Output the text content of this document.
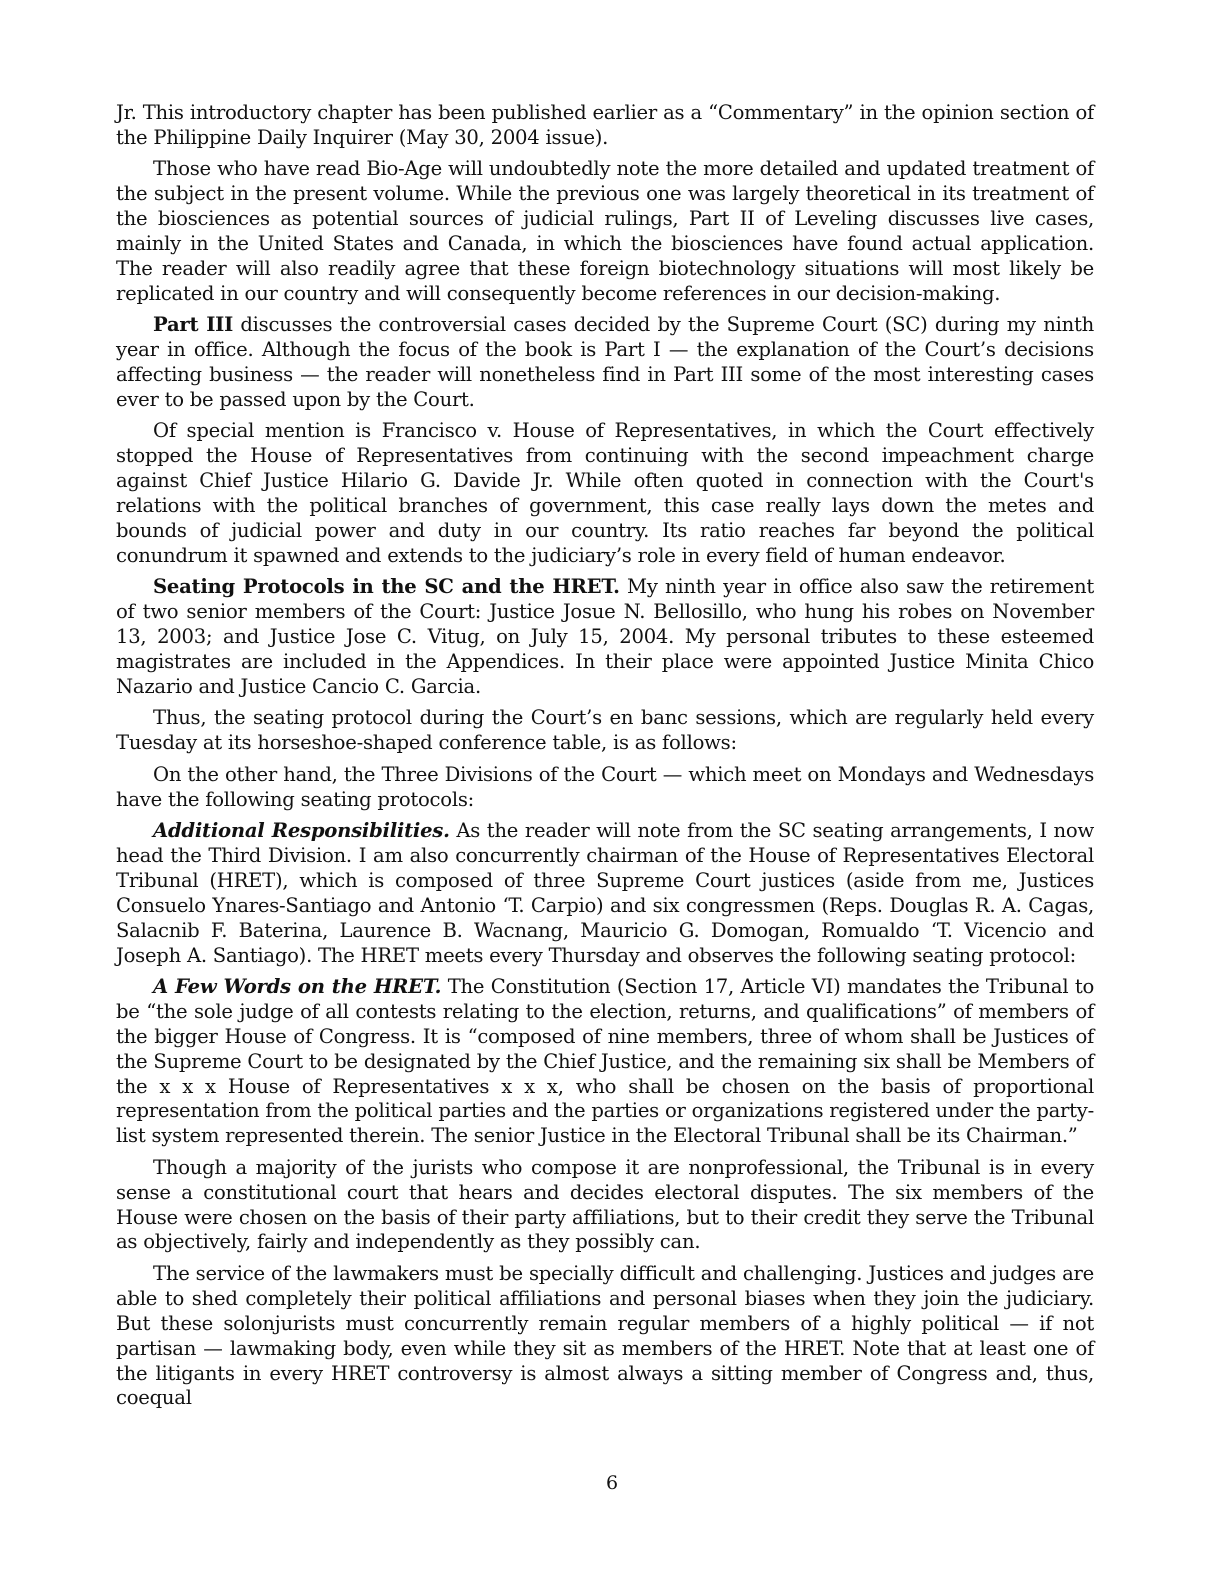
Jr. This introductory chapter has been published earlier as a “Commentary” in the opinion section of the Philippine Daily Inquirer (May 30, 2004 issue).

Those who have read Bio-Age will undoubtedly note the more detailed and updated treatment of the subject in the present volume. While the previous one was largely theoretical in its treatment of the biosciences as potential sources of judicial rulings, Part II of Leveling discusses live cases, mainly in the United States and Canada, in which the biosciences have found actual application. The reader will also readily agree that these foreign biotechnology situations will most likely be replicated in our country and will consequently become references in our decision-making.

Part III discusses the controversial cases decided by the Supreme Court (SC) during my ninth year in office. Although the focus of the book is Part I — the explanation of the Court’s decisions affecting business — the reader will nonetheless find in Part III some of the most interesting cases ever to be passed upon by the Court.

Of special mention is Francisco v. House of Representatives, in which the Court effectively stopped the House of Representatives from continuing with the second impeachment charge against Chief Justice Hilario G. Davide Jr. While often quoted in connection with the Court's relations with the political branches of government, this case really lays down the metes and bounds of judicial power and duty in our country. Its ratio reaches far beyond the political conundrum it spawned and extends to the judiciary’s role in every field of human endeavor.

Seating Protocols in the SC and the HRET. My ninth year in office also saw the retirement of two senior members of the Court: Justice Josue N. Bellosillo, who hung his robes on November 13, 2003; and Justice Jose C. Vitug, on July 15, 2004. My personal tributes to these esteemed magistrates are included in the Appendices. In their place were appointed Justice Minita Chico Nazario and Justice Cancio C. Garcia.

Thus, the seating protocol during the Court’s en banc sessions, which are regularly held every Tuesday at its horseshoe-shaped conference table, is as follows:

On the other hand, the Three Divisions of the Court — which meet on Mondays and Wednesdays have the following seating protocols:

Additional Responsibilities. As the reader will note from the SC seating arrangements, I now head the Third Division. I am also concurrently chairman of the House of Representatives Electoral Tribunal (HRET), which is composed of three Supreme Court justices (aside from me, Justices Consuelo Ynares-Santiago and Antonio ‘T. Carpio) and six congressmen (Reps. Douglas R. A. Cagas, Salacnib F. Baterina, Laurence B. Wacnang, Mauricio G. Domogan, Romualdo ‘T. Vicencio and Joseph A. Santiago). The HRET meets every Thursday and observes the following seating protocol:

A Few Words on the HRET. The Constitution (Section 17, Article VI) mandates the Tribunal to be “the sole judge of all contests relating to the election, returns, and qualifications” of members of the bigger House of Congress. It is “composed of nine members, three of whom shall be Justices of the Supreme Court to be designated by the Chief Justice, and the remaining six shall be Members of the x x x House of Representatives x x x, who shall be chosen on the basis of proportional representation from the political parties and the parties or organizations registered under the party-list system represented therein. The senior Justice in the Electoral Tribunal shall be its Chairman.”

Though a majority of the jurists who compose it are nonprofessional, the Tribunal is in every sense a constitutional court that hears and decides electoral disputes. The six members of the House were chosen on the basis of their party affiliations, but to their credit they serve the Tribunal as objectively, fairly and independently as they possibly can.

The service of the lawmakers must be specially difficult and challenging. Justices and judges are able to shed completely their political affiliations and personal biases when they join the judiciary. But these solonjurists must concurrently remain regular members of a highly political — if not partisan — lawmaking body, even while they sit as members of the HRET. Note that at least one of the litigants in every HRET controversy is almost always a sitting member of Congress and, thus, coequal

6
